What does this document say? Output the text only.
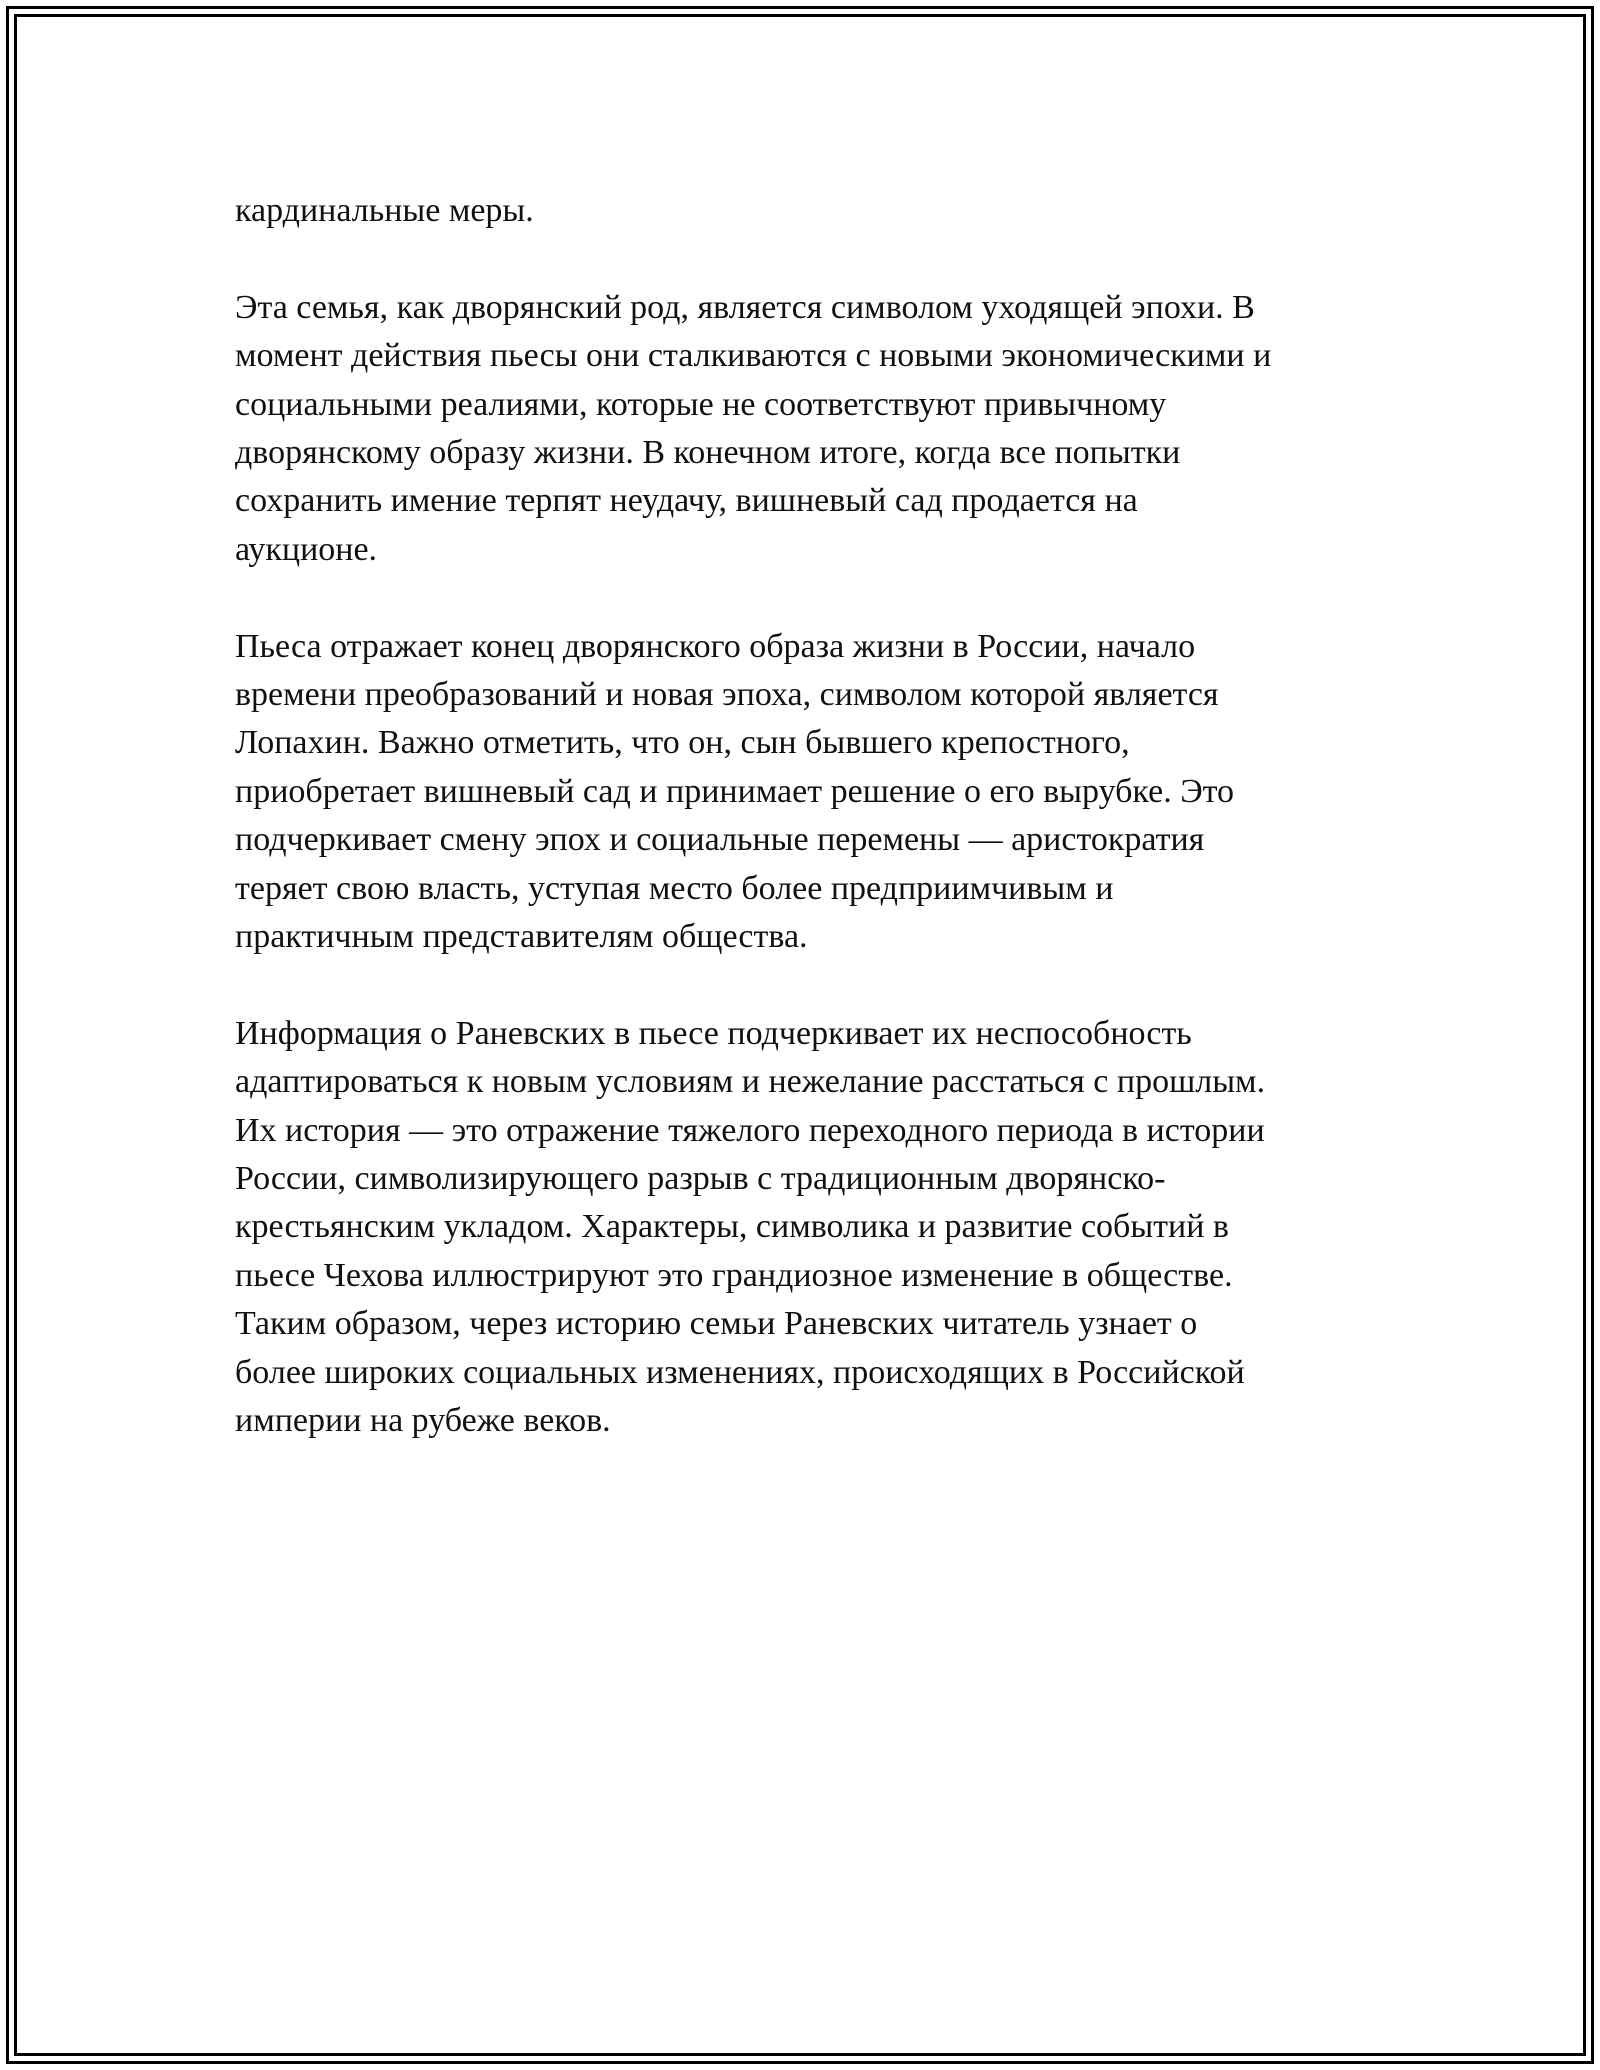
кардинальные меры.

Эта семья, как дворянский род, является символом уходящей эпохи. В
момент действия пьесы они сталкиваются с новыми экономическими и
социальными реалиями, которые не соответствуют привычному
дворянскому образу жизни. В конечном итоге, когда все попытки
сохранить имение терпят неудачу, вишневый сад продается на
аукционе.

Пьеса отражает конец дворянского образа жизни в России, начало
времени преобразований и новая эпоха, символом которой является
Лопахин. Важно отметить, что он, сын бывшего крепостного,
приобретает вишневый сад и принимает решение о его вырубке. Это
подчеркивает смену эпох и социальные перемены — аристократия
теряет свою власть, уступая место более предприимчивым и
практичным представителям общества.

Информация о Раневских в пьесе подчеркивает их неспособность
адаптироваться к новым условиям и нежелание расстаться с прошлым.
Их история — это отражение тяжелого переходного периода в истории
России, символизирующего разрыв с традиционным дворянско-
крестьянским укладом. Характеры, символика и развитие событий в
пьесе Чехова иллюстрируют это грандиозное изменение в обществе.
Таким образом, через историю семьи Раневских читатель узнает о
более широких социальных изменениях, происходящих в Российской
империи на рубеже веков.
